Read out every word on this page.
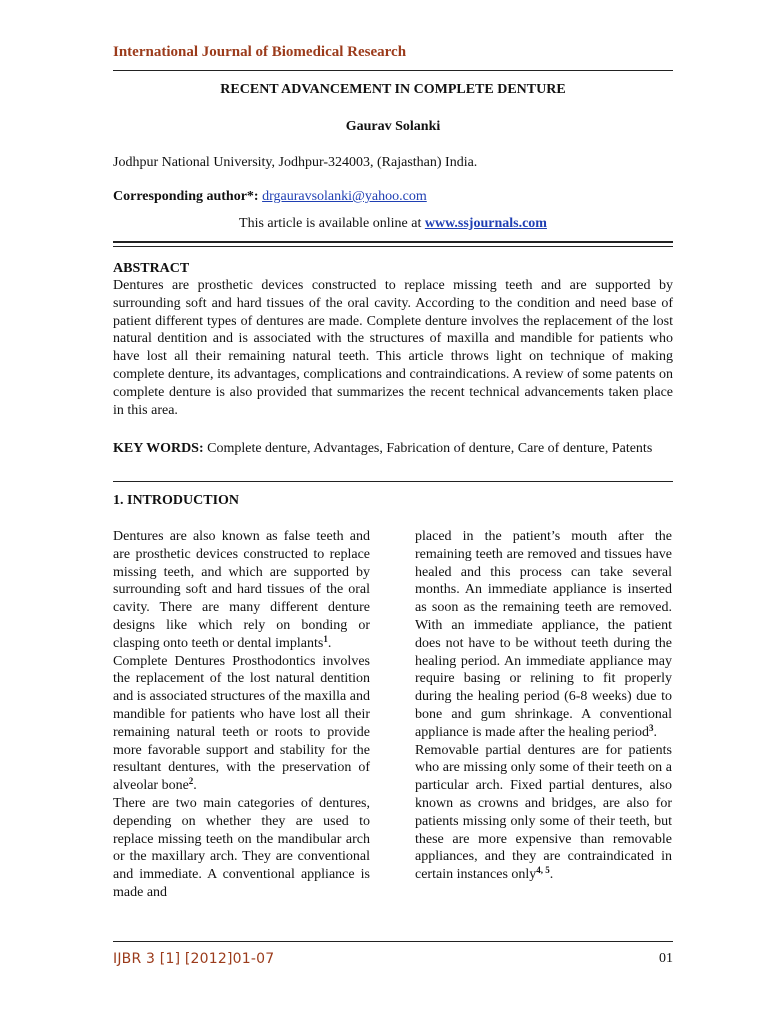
International Journal of Biomedical Research
RECENT ADVANCEMENT IN COMPLETE DENTURE
Gaurav Solanki
Jodhpur National University, Jodhpur-324003, (Rajasthan) India.
Corresponding author*: drgauravsolanki@yahoo.com
This article is available online at www.ssjournals.com
ABSTRACT
Dentures are prosthetic devices constructed to replace missing teeth and are supported by surrounding soft and hard tissues of the oral cavity. According to the condition and need base of patient different types of dentures are made. Complete denture involves the replacement of the lost natural dentition and is associated with the structures of maxilla and mandible for patients who have lost all their remaining natural teeth. This article throws light on technique of making complete denture, its advantages, complications and contraindications. A review of some patents on complete denture is also provided that summarizes the recent technical advancements taken place in this area.
KEY WORDS: Complete denture, Advantages, Fabrication of denture, Care of denture, Patents
1. INTRODUCTION

Dentures are also known as false teeth and are prosthetic devices constructed to replace missing teeth, and which are supported by surrounding soft and hard tissues of the oral cavity. There are many different denture designs like which rely on bonding or clasping onto teeth or dental implants$^1$.

Complete Dentures Prosthodontics involves the replacement of the lost natural dentition and is associated structures of the maxilla and mandible for patients who have lost all their remaining natural teeth or roots to provide more favorable support and stability for the resultant dentures, with the preservation of alveolar bone$^2$.

There are two main categories of dentures, depending on whether they are used to replace missing teeth on the mandibular arch or the maxillary arch. They are conventional and immediate. A conventional appliance is made and

placed in the patient’s mouth after the remaining teeth are removed and tissues have healed and this process can take several months. An immediate appliance is inserted as soon as the remaining teeth are removed. With an immediate appliance, the patient does not have to be without teeth during the healing period. An immediate appliance may require basing or relining to fit properly during the healing period (6-8 weeks) due to bone and gum shrinkage. A conventional appliance is made after the healing period$^3$.

Removable partial dentures are for patients who are missing only some of their teeth on a particular arch. Fixed partial dentures, also known as crowns and bridges, are also for patients missing only some of their teeth, but these are more expensive than removable appliances, and they are contraindicated in certain instances only$^{4, 5}$.

IJBR 3 [1] [2012]01-07	01
